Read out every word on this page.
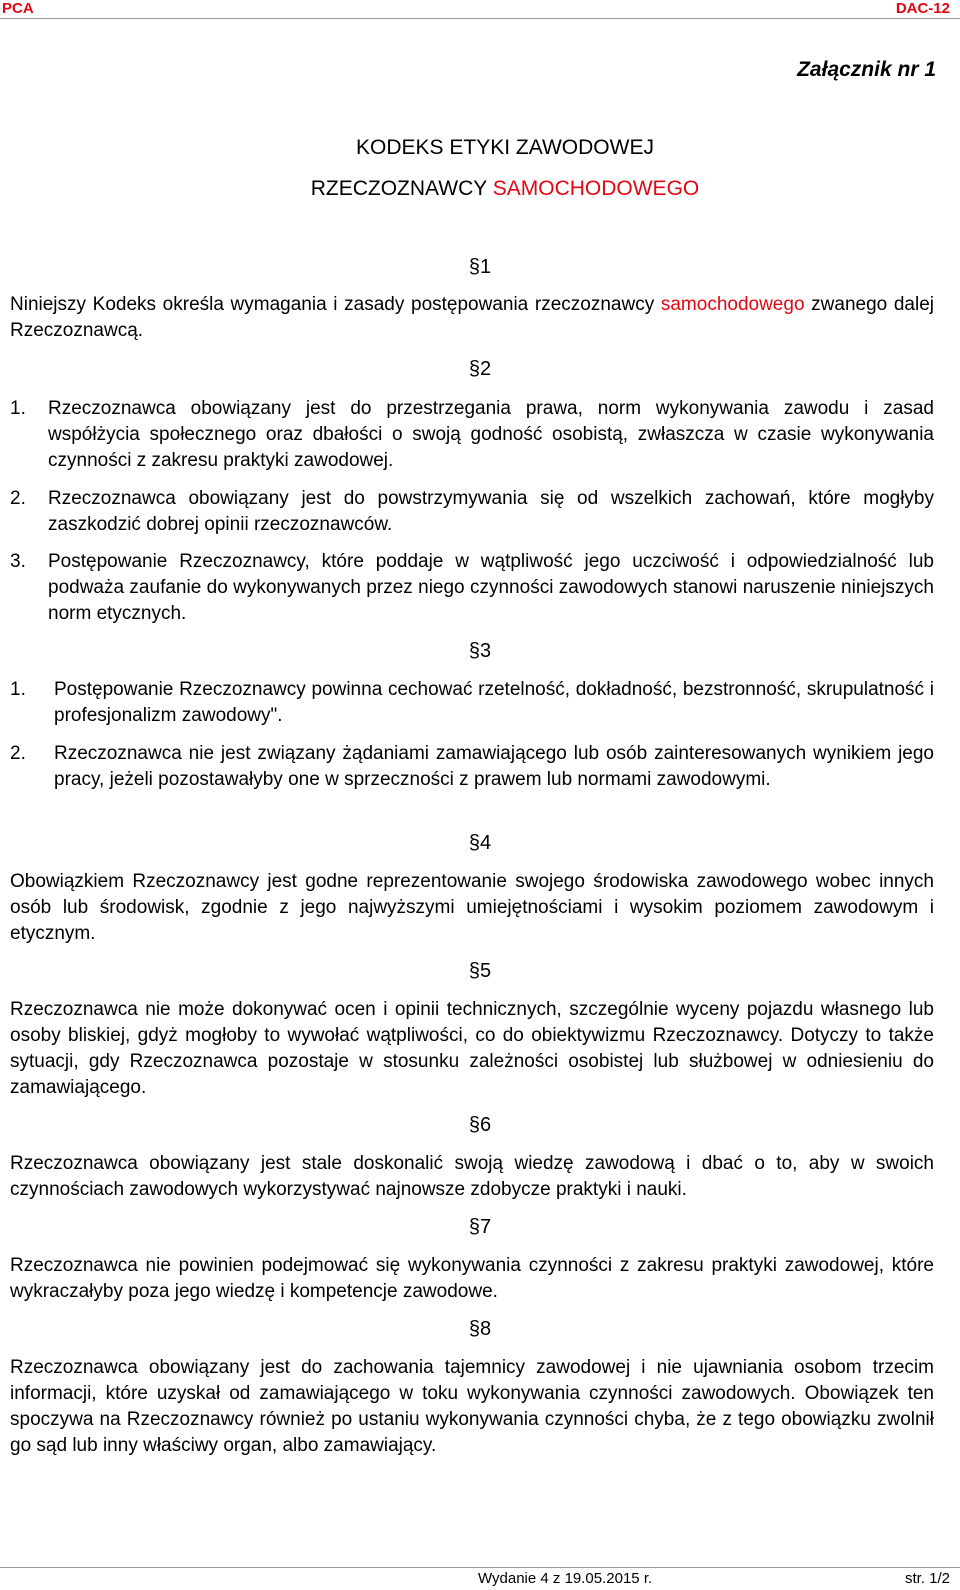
PCA	DAC-12
Załącznik nr 1
KODEKS ETYKI ZAWODOWEJ
RZECZOZNAWCY SAMOCHODOWEGO
§1
Niniejszy Kodeks określa wymagania i zasady postępowania rzeczoznawcy samochodowego zwanego dalej Rzeczoznawcą.
§2
1.	Rzeczoznawca obowiązany jest do przestrzegania prawa, norm wykonywania zawodu i zasad współżycia społecznego oraz dbałości o swoją godność osobistą, zwłaszcza w czasie wykonywania czynności z zakresu praktyki zawodowej.
2.	Rzeczoznawca obowiązany jest do powstrzymywania się od wszelkich zachowań, które mogłyby zaszkodzić dobrej opinii rzeczoznawców.
3.	Postępowanie Rzeczoznawcy, które poddaje w wątpliwość jego uczciwość i odpowiedzialność lub podważa zaufanie do wykonywanych przez niego czynności zawodowych stanowi naruszenie niniejszych norm etycznych.
§3
1.	Postępowanie Rzeczoznawcy powinna cechować rzetelność, dokładność, bezstronność, skrupulatność i profesjonalizm zawodowy".
2.	Rzeczoznawca nie jest związany żądaniami zamawiającego lub osób zainteresowanych wynikiem jego pracy, jeżeli pozostawałyby one w sprzeczności z prawem lub normami zawodowymi.
§4
Obowiązkiem Rzeczoznawcy jest godne reprezentowanie swojego środowiska zawodowego wobec innych osób lub środowisk, zgodnie z jego najwyższymi umiejętnościami i wysokim poziomem zawodowym i etycznym.
§5
Rzeczoznawca nie może dokonywać ocen i opinii technicznych, szczególnie wyceny pojazdu własnego lub osoby bliskiej, gdyż mogłoby to wywołać wątpliwości, co do obiektywizmu Rzeczoznawcy. Dotyczy to także sytuacji, gdy Rzeczoznawca pozostaje w stosunku zależności osobistej lub służbowej w odniesieniu do zamawiającego.
§6
Rzeczoznawca obowiązany jest stale doskonalić swoją wiedzę zawodową i dbać o to, aby w swoich czynnościach zawodowych wykorzystywać najnowsze zdobycze praktyki i nauki.
§7
Rzeczoznawca nie powinien podejmować się wykonywania czynności z zakresu praktyki zawodowej, które wykraczałyby poza jego wiedzę i kompetencje zawodowe.
§8
Rzeczoznawca obowiązany jest do zachowania tajemnicy zawodowej i nie ujawniania osobom trzecim informacji, które uzyskał od zamawiającego w toku wykonywania czynności zawodowych. Obowiązek ten spoczywa na Rzeczoznawcy również po ustaniu wykonywania czynności chyba, że z tego obowiązku zwolnił go sąd lub inny właściwy organ, albo zamawiający.
Wydanie 4 z 19.05.2015 r.	str. 1/2
